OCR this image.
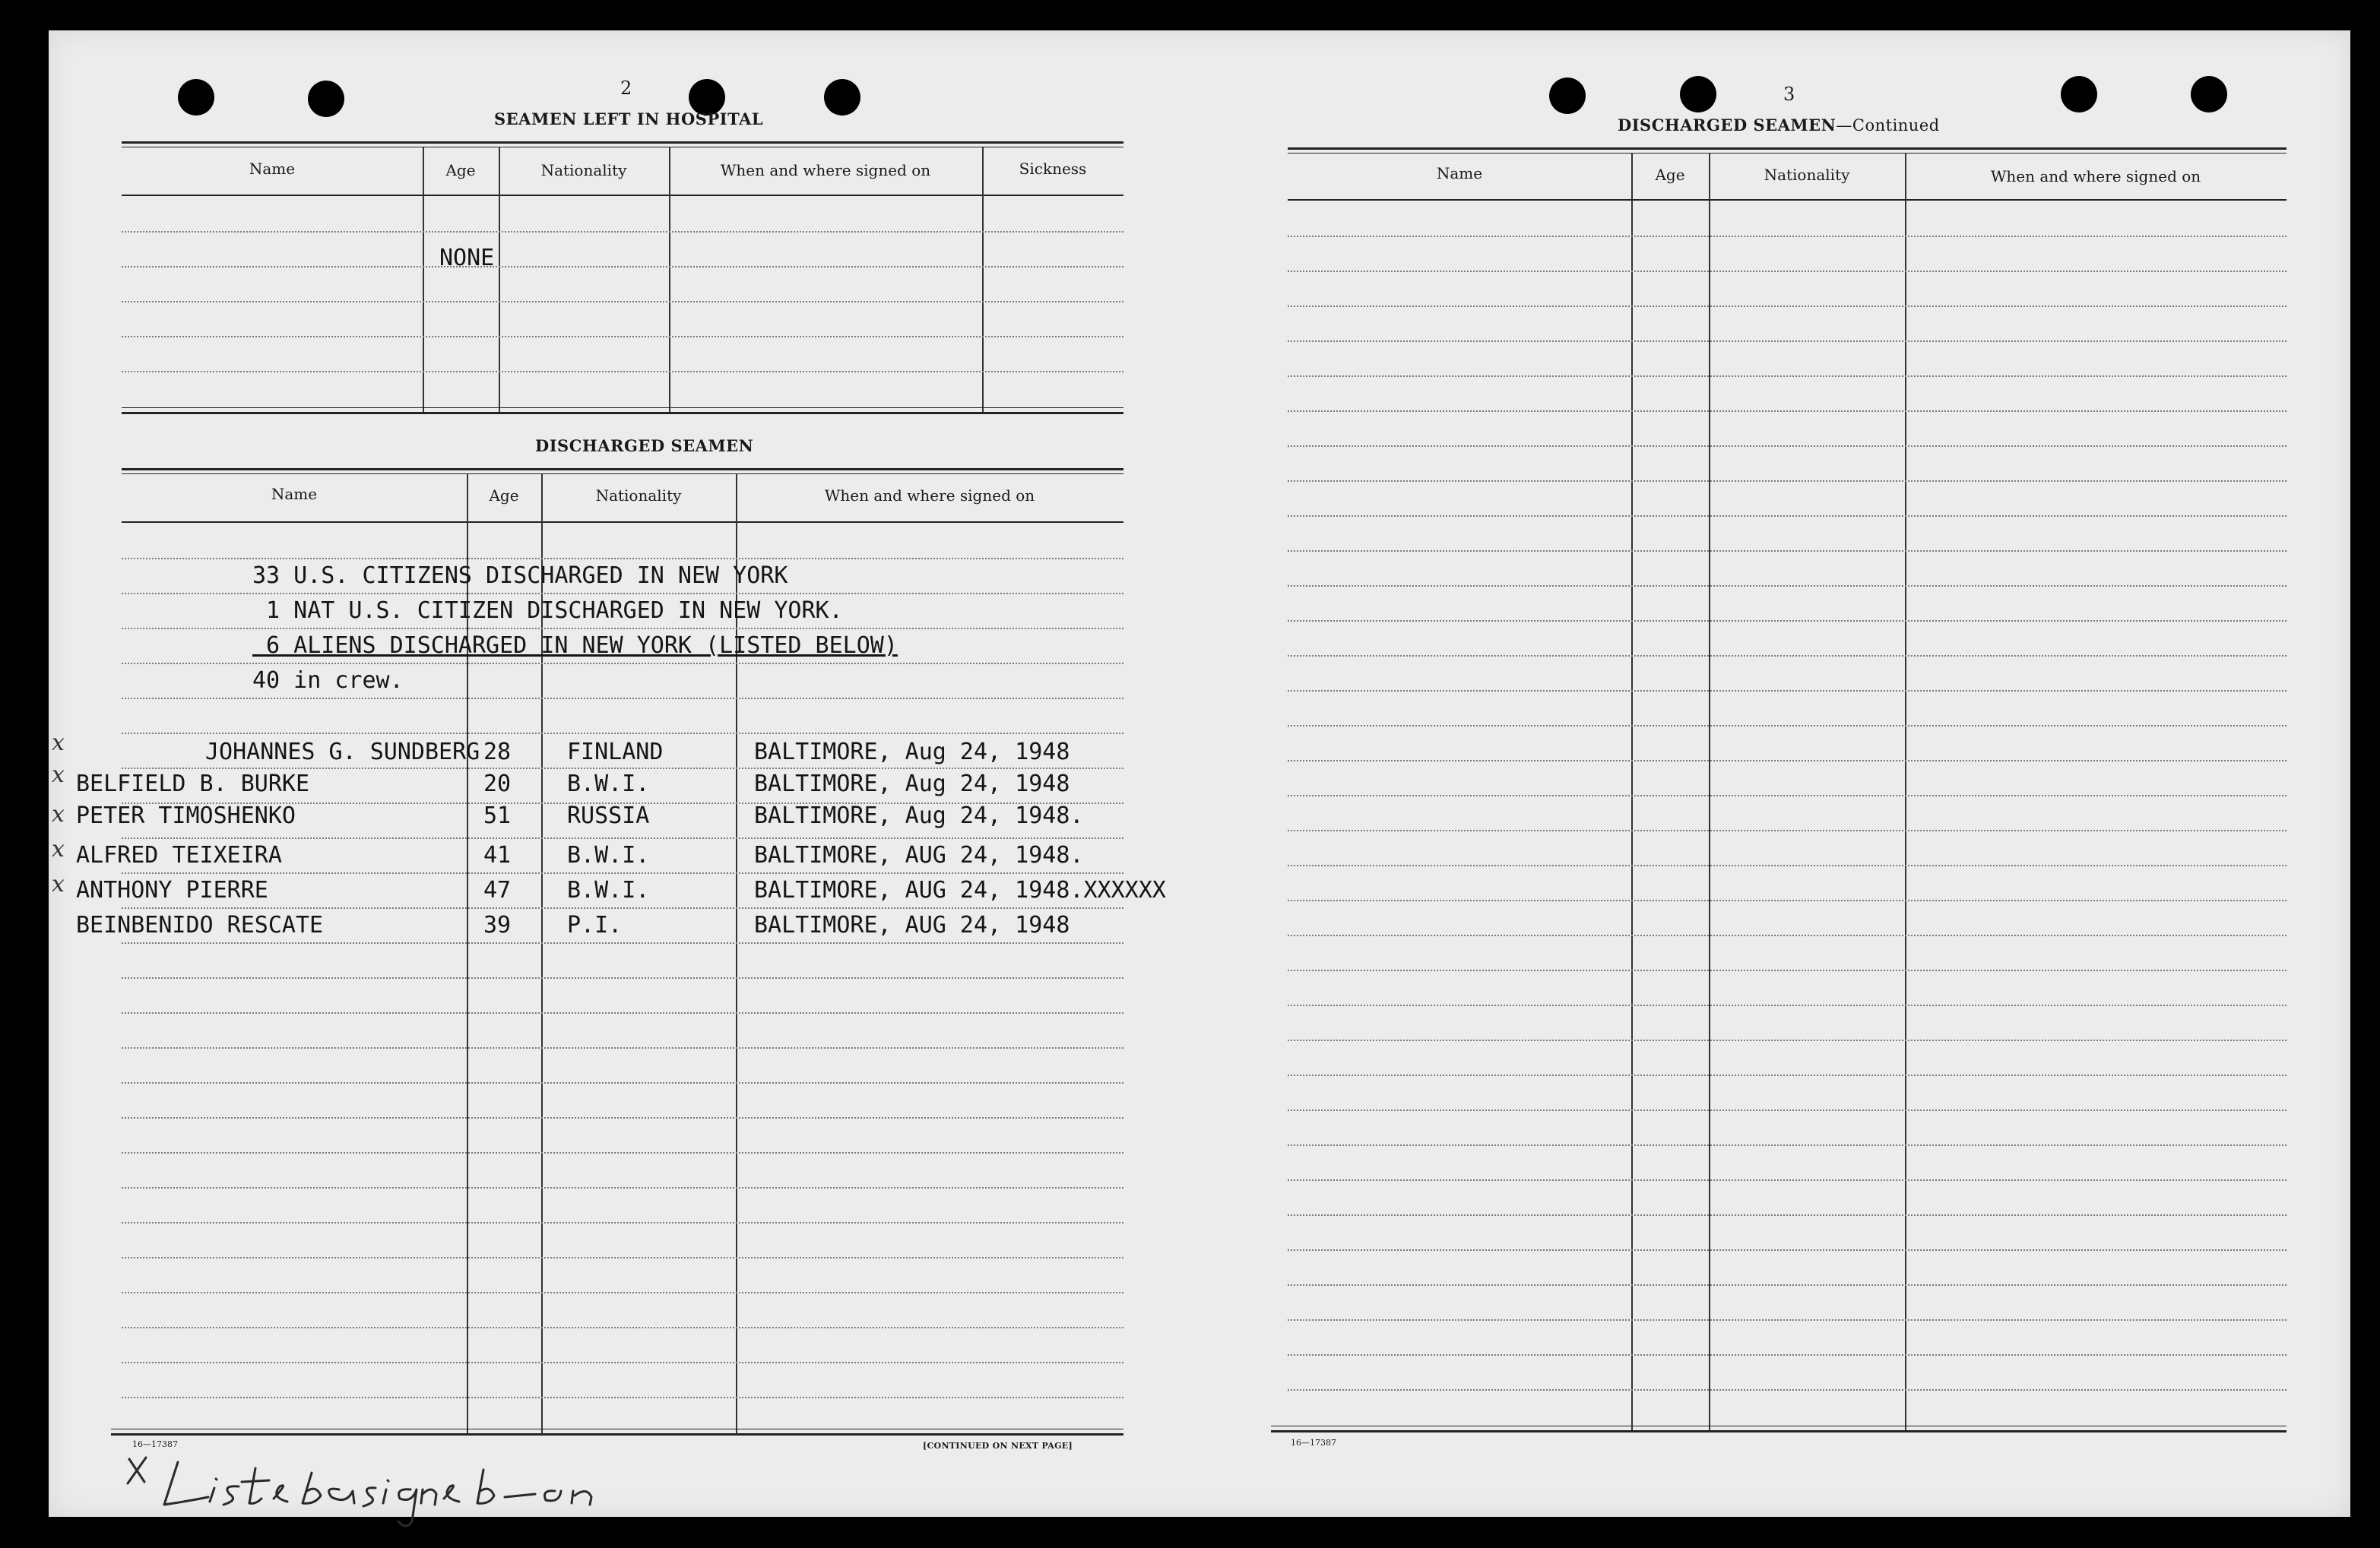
2
SEAMEN LEFT IN HOSPITAL
Name	Age	Nationality	When and where signed on	Sickness
NONE
DISCHARGED SEAMEN
Name	Age	Nationality	When and where signed on
33 U.S. CITIZENS DISCHARGED IN NEW YORK
1 NAT U.S. CITIZEN DISCHARGED IN NEW YORK.
6 ALIENS DISCHARGED IN NEW YORK (LISTED BELOW)
40 in crew.
JOHANNES G. SUNDBERG 28 FINLAND	BALTIMORE, Aug 24, 1948
x
BELFIELD B. BURKE	20 B.W.I.	BALTIMORE, Aug 24, 1948
x
PETER TIMOSHENKO	51 RUSSIA	BALTIMORE, Aug 24, 1948.
x
ALFRED TEIXEIRA	41 B.W.I.	BALTIMORE, AUG 24, 1948.
x
ANTHONY PIERRE	47 B.W.I.	BALTIMORE, AUG 24, 1948.XXXXXX
x
BEINBENIDO RESCATE	39 P.I.	BALTIMORE, AUG 24, 1948
16—17387	[CONTINUED ON NEXT PAGE]
3
DISCHARGED SEAMEN—Continued
Name	Age	Nationality	When and where signed on
16—17387
